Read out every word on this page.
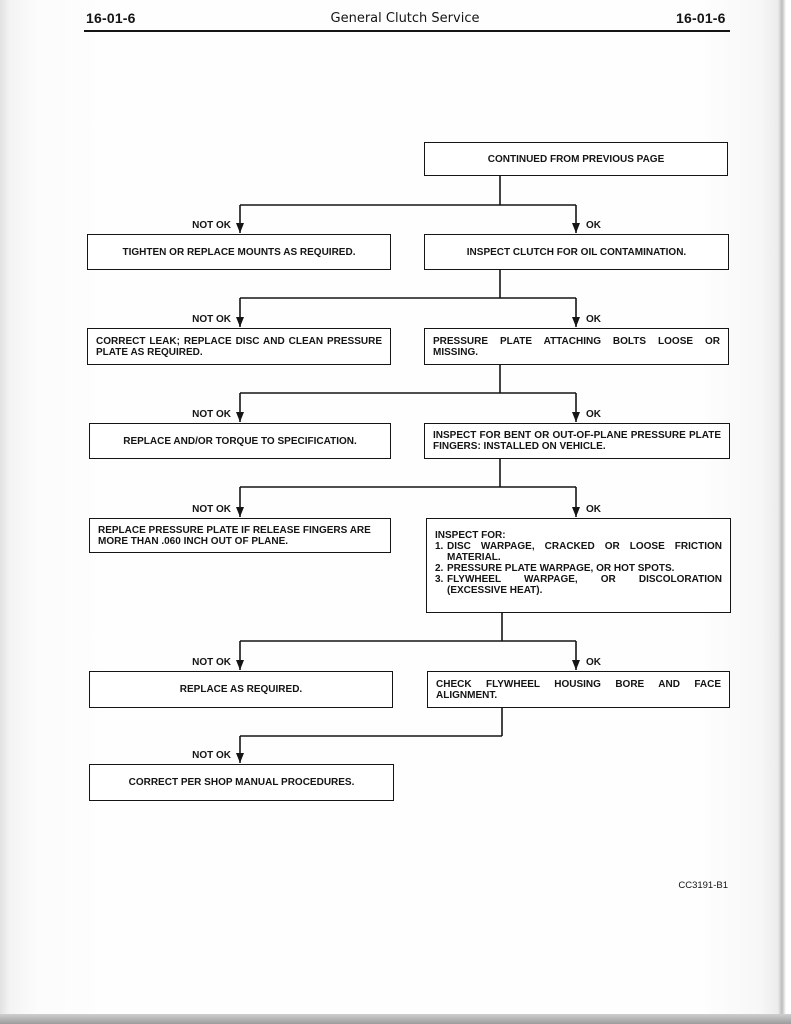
16-01-6	General Clutch Service	16-01-6
CONTINUED FROM PREVIOUS PAGE
NOT OK	OK
TIGHTEN OR REPLACE MOUNTS AS REQUIRED.	INSPECT CLUTCH FOR OIL CONTAMINATION.
NOT OK	OK
CORRECT LEAK; REPLACE DISC AND CLEAN PRESSURE PLATE AS REQUIRED.
PRESSURE PLATE ATTACHING BOLTS LOOSE OR MISSING.
NOT OK	OK
REPLACE AND/OR TORQUE TO SPECIFICATION.	INSPECT FOR BENT OR OUT-OF-PLANE PRESSURE PLATE FINGERS: INSTALLED ON VEHICLE.
NOT OK	OK
REPLACE PRESSURE PLATE IF RELEASE FINGERS ARE MORE THAN .060 INCH OUT OF PLANE.	INSPECT FOR:
1. DISC WARPAGE, CRACKED OR LOOSE FRICTION MATERIAL.
2. PRESSURE PLATE WARPAGE, OR HOT SPOTS.
3. FLYWHEEL WARPAGE, OR DISCOLORATION (EXCESSIVE HEAT).
NOT OK	OK
REPLACE AS REQUIRED.	CHECK FLYWHEEL HOUSING BORE AND FACE ALIGNMENT.
NOT OK
CORRECT PER SHOP MANUAL PROCEDURES.
CC3191-B1
